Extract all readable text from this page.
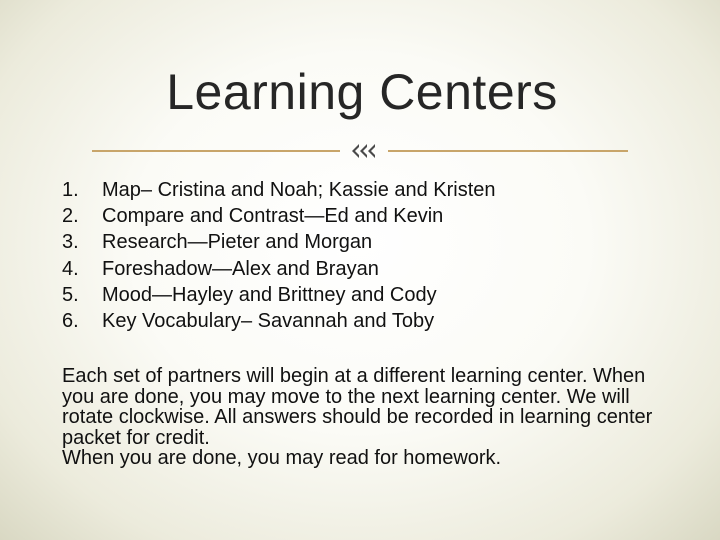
Learning Centers
1.	Map– Cristina and Noah; Kassie and Kristen
2.	Compare and Contrast—Ed and Kevin
3.	Research—Pieter and Morgan
4.	Foreshadow—Alex and Brayan
5.	Mood—Hayley and Brittney and Cody
6.	Key Vocabulary– Savannah and Toby

Each set of partners will begin at a different learning center. When you are done, you may move to the next learning center. We will rotate clockwise. All answers should be recorded in learning center packet for credit.

When you are done, you may read for homework.
